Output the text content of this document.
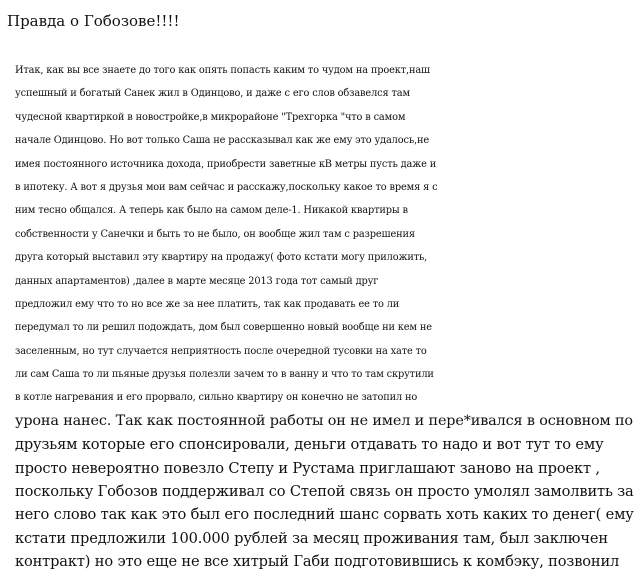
Правда о Гобозове!!!!
Итак, как вы все знаете до того как опять попасть каким то чудом на проект,наш
успешный и богатый Санек жил в Одинцово, и даже с его слов обзавелся там
чудесной квартиркой в новостройке,в микрорайоне "Трехгорка "что в самом
начале Одинцово. Но вот только Саша не рассказывал как же ему это удалось,не
имея постоянного источника дохода, приобрести заветные кВ метры пусть даже и
в ипотеку. А вот я друзья мои вам сейчас и расскажу,поскольку какое то время я с
ним тесно общался. А теперь как было на самом деле-1. Никакой квартиры в
собственности у Санечки и быть то не было, он вообще жил там с разрешения
друга который выставил эту квартиру на продажу( фото кстати могу приложить,
данных апартаментов) ,далее в марте месяце 2013 года тот самый друг
предложил ему что то но все же за нее платить, так как продавать ее то ли
передумал то ли решил подождать, дом был совершенно новый вообще ни кем не
заселенным, но тут случается неприятность после очередной тусовки на хате то
ли сам Саша то ли пьяные друзья полезли зачем то в ванну и что то там скрутили
в котле нагревания и его прорвало, сильно квартиру он конечно не затопил но
урона нанес. Так как постоянной работы он не имел и пере*ивался в основном по
друзьям которые его спонсировали, деньги отдавать то надо и вот тут то ему
просто невероятно повезло Степу и Рустама приглашают заново на проект ,
поскольку Гобозов поддерживал со Степой связь он просто умолял замолвить за
него слово так как это был его последний шанс сорвать хоть каких то денег( ему
кстати предложили 100.000 рублей за месяц проживания там, был заключен
контракт) но это еще не все хитрый Габи подготовившись к комбэку, позвонил
